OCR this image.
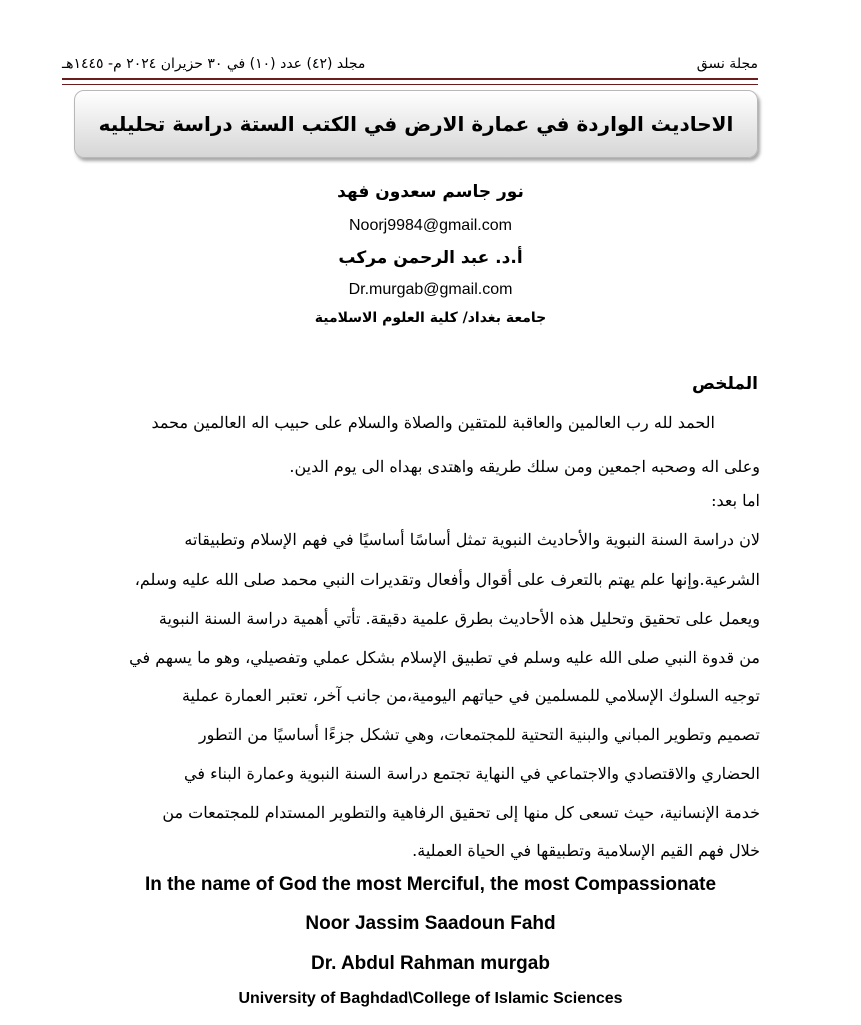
مجلة نسق
مجلد (٤٢) عدد (١٠) في ٣٠ حزيران ٢٠٢٤ م- ١٤٤٥هـ
الاحاديث الواردة في عمارة الارض في الكتب الستة دراسة تحليليه
نور جاسم سعدون فهد
Noorj9984@gmail.com
أ.د. عبد الرحمن مركب
Dr.murgab@gmail.com
جامعة بغداد/ كلية العلوم الاسلامية
الملخص
الحمد لله رب العالمين والعاقبة للمتقين والصلاة والسلام على حبيب اله العالمين محمد
وعلى اله وصحبه اجمعين ومن سلك طريقه واهتدى بهداه الى يوم الدين.
اما بعد:
لان دراسة السنة النبوية والأحاديث النبوية تمثل أساسًا أساسيًا في فهم الإسلام وتطبيقاته
الشرعية.وإنها علم يهتم بالتعرف على أقوال وأفعال وتقديرات النبي محمد صلى الله عليه وسلم،
ويعمل على تحقيق وتحليل هذه الأحاديث بطرق علمية دقيقة. تأتي أهمية دراسة السنة النبوية
من قدوة النبي صلى الله عليه وسلم في تطبيق الإسلام بشكل عملي وتفصيلي، وهو ما يسهم في
توجيه السلوك الإسلامي للمسلمين في حياتهم اليومية،من جانب آخر، تعتبر العمارة عملية
تصميم وتطوير المباني والبنية التحتية للمجتمعات، وهي تشكل جزءًا أساسيًا من التطور
الحضاري والاقتصادي والاجتماعي في النهاية تجتمع دراسة السنة النبوية وعمارة البناء في
خدمة الإنسانية، حيث تسعى كل منها إلى تحقيق الرفاهية والتطوير المستدام للمجتمعات من
خلال فهم القيم الإسلامية وتطبيقها في الحياة العملية.
In the name of God the most Merciful, the most Compassionate
Noor Jassim Saadoun Fahd
Dr. Abdul Rahman murgab
University of Baghdad\College of Islamic Sciences
